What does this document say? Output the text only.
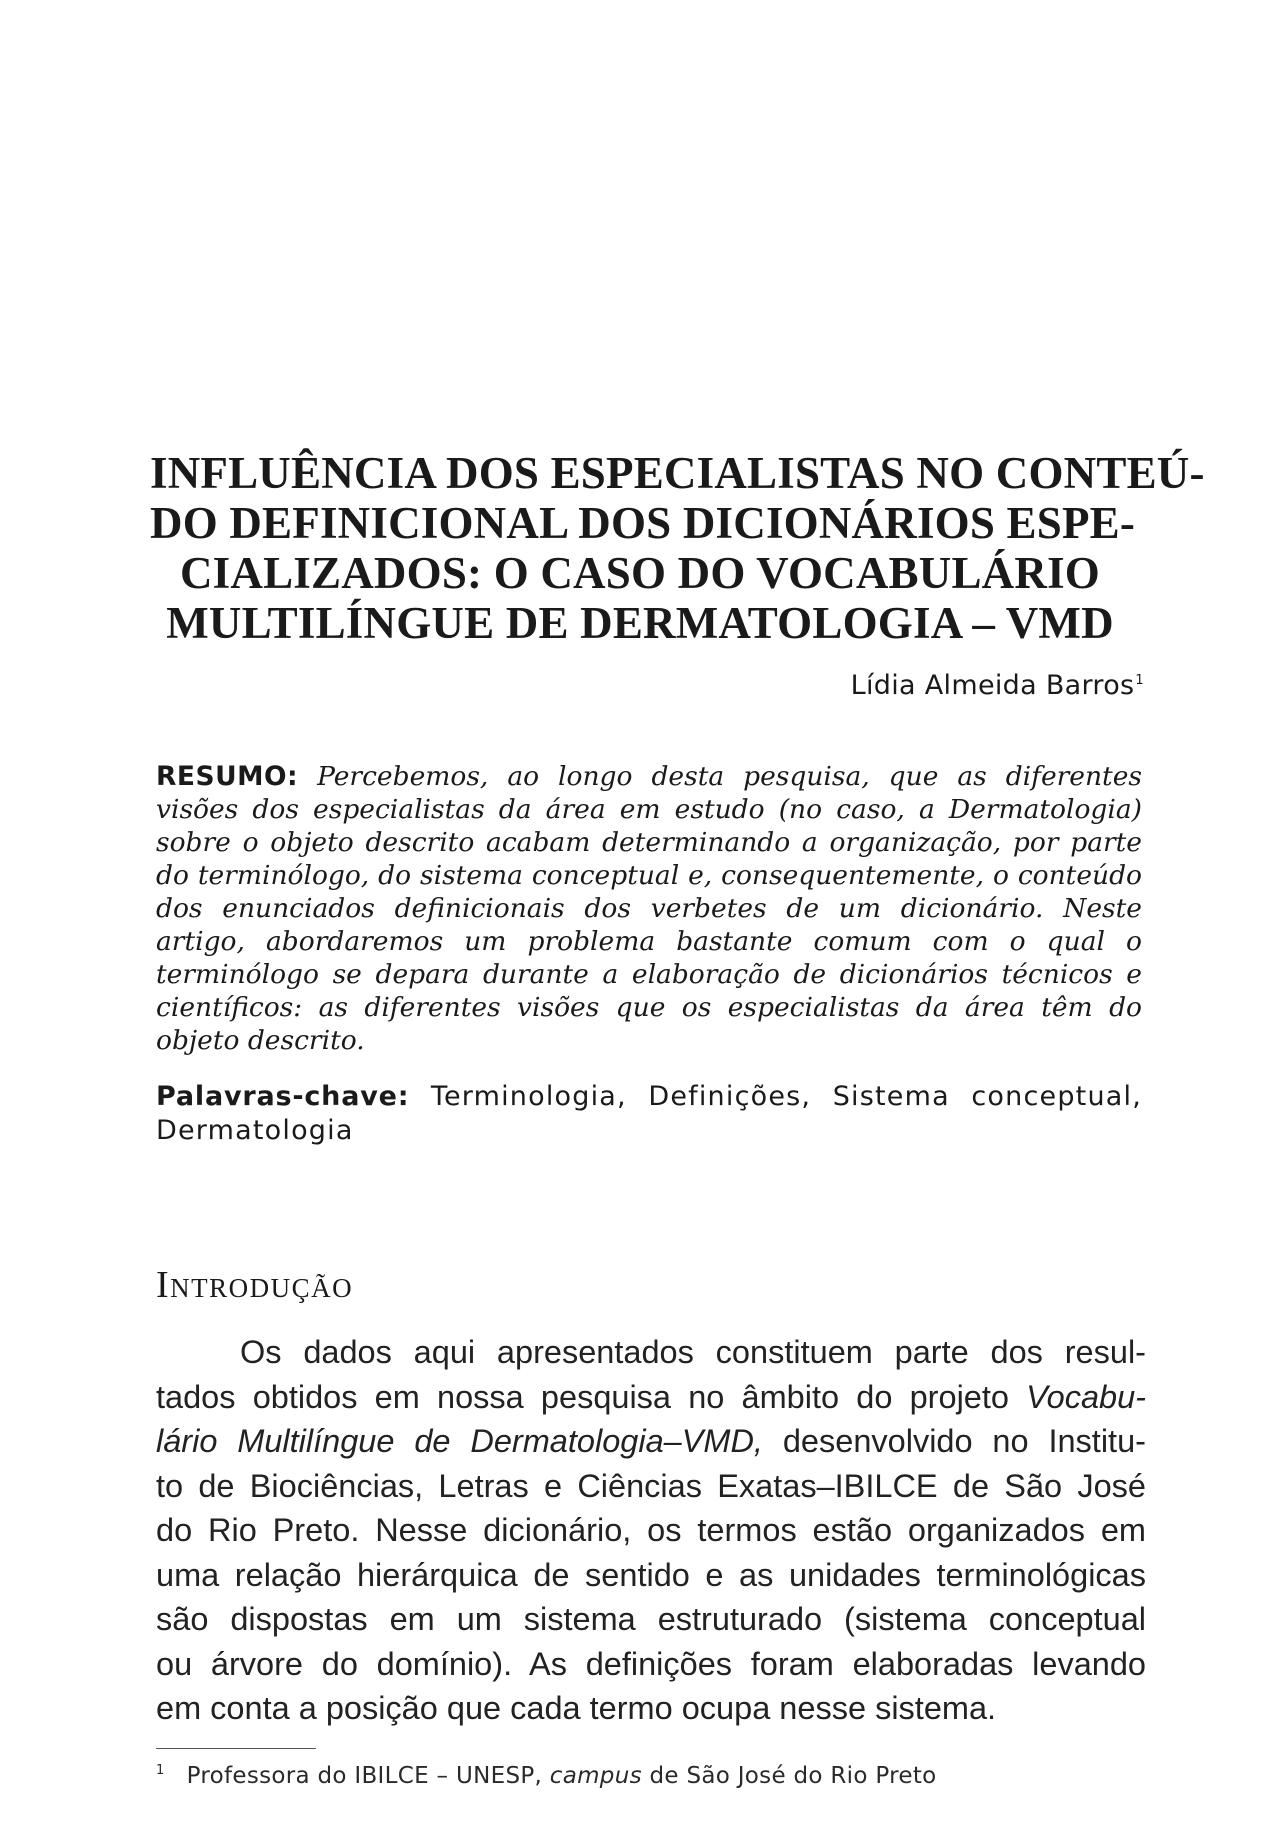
INFLUÊNCIA DOS ESPECIALISTAS NO CONTEÚ-
DO DEFINICIONAL DOS DICIONÁRIOS ESPE-
CIALIZADOS: O CASO DO VOCABULÁRIO
MULTILÍNGUE DE DERMATOLOGIA – VMD
Lídia Almeida Barros$^1$

RESUMO: Percebemos, ao longo desta pesquisa, que as diferentes visões dos especialistas da área em estudo (no caso, a Dermatologia) sobre o objeto descrito acabam determinando a organização, por parte do terminólogo, do sistema conceptual e, consequentemente, o conteúdo dos enunciados definicionais dos verbetes de um dicionário. Neste artigo, abordaremos um problema bastante comum com o qual o terminólogo se depara durante a elaboração de dicionários técnicos e científicos: as diferentes visões que os especialistas da área têm do objeto descrito.

Palavras-chave: Terminologia, Definições, Sistema conceptual, Dermatologia

Introdução
Os dados aqui apresentados constituem parte dos resul-
tados obtidos em nossa pesquisa no âmbito do projeto Vocabu-
lário Multilíngue de Dermatologia–VMD, desenvolvido no Institu-
to de Biociências, Letras e Ciências Exatas–IBILCE de São José
do Rio Preto. Nesse dicionário, os termos estão organizados em
uma relação hierárquica de sentido e as unidades terminológicas
são dispostas em um sistema estruturado (sistema conceptual
ou árvore do domínio). As definições foram elaboradas levando
em conta a posição que cada termo ocupa nesse sistema.
$^1$ Professora do IBILCE – UNESP, campus de São José do Rio Preto
